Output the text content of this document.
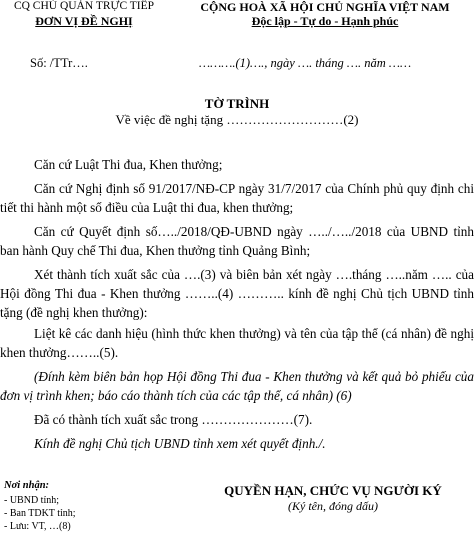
CQ CHỦ QUẢN TRỰC TIẾP
ĐƠN VỊ ĐỀ NGHỊ
CỘNG HOÀ XÃ HỘI CHỦ NGHĨA VIỆT NAM
Độc lập - Tự do - Hạnh phúc
Số: /TTr….	……….(1)…., ngày …. tháng …. năm ……
TỜ TRÌNH
Về việc đề nghị tặng ………………………(2)
Căn cứ Luật Thi đua, Khen thưởng;
Căn cứ Nghị định số 91/2017/NĐ-CP ngày 31/7/2017 của Chính phủ quy định chi tiết thi hành một số điều của Luật thi đua, khen thưởng;
Căn cứ Quyết định số…../2018/QĐ-UBND ngày …../…../2018 của UBND tỉnh ban hành Quy chế Thi đua, Khen thưởng tỉnh Quảng Bình;
Xét thành tích xuất sắc của ….(3) và biên bản xét ngày ….tháng …..năm ….. của Hội đồng Thi đua - Khen thưởng ……..(4) ……….. kính đề nghị Chủ tịch UBND tỉnh tặng (đề nghị khen thưởng):
Liệt kê các danh hiệu (hình thức khen thưởng) và tên của tập thể (cá nhân) đề nghị khen thưởng……..(5).
(Đính kèm biên bản họp Hội đồng Thi đua - Khen thưởng và kết quả bỏ phiếu của đơn vị trình khen; báo cáo thành tích của các tập thể, cá nhân) (6)
Đã có thành tích xuất sắc trong …………………(7).
Kính đề nghị Chủ tịch UBND tỉnh xem xét quyết định./.
Nơi nhận:
- UBND tỉnh;
- Ban TDKT tỉnh;
- Lưu: VT, …(8)
QUYỀN HẠN, CHỨC VỤ NGƯỜI KÝ
(Ký tên, đóng dấu)
